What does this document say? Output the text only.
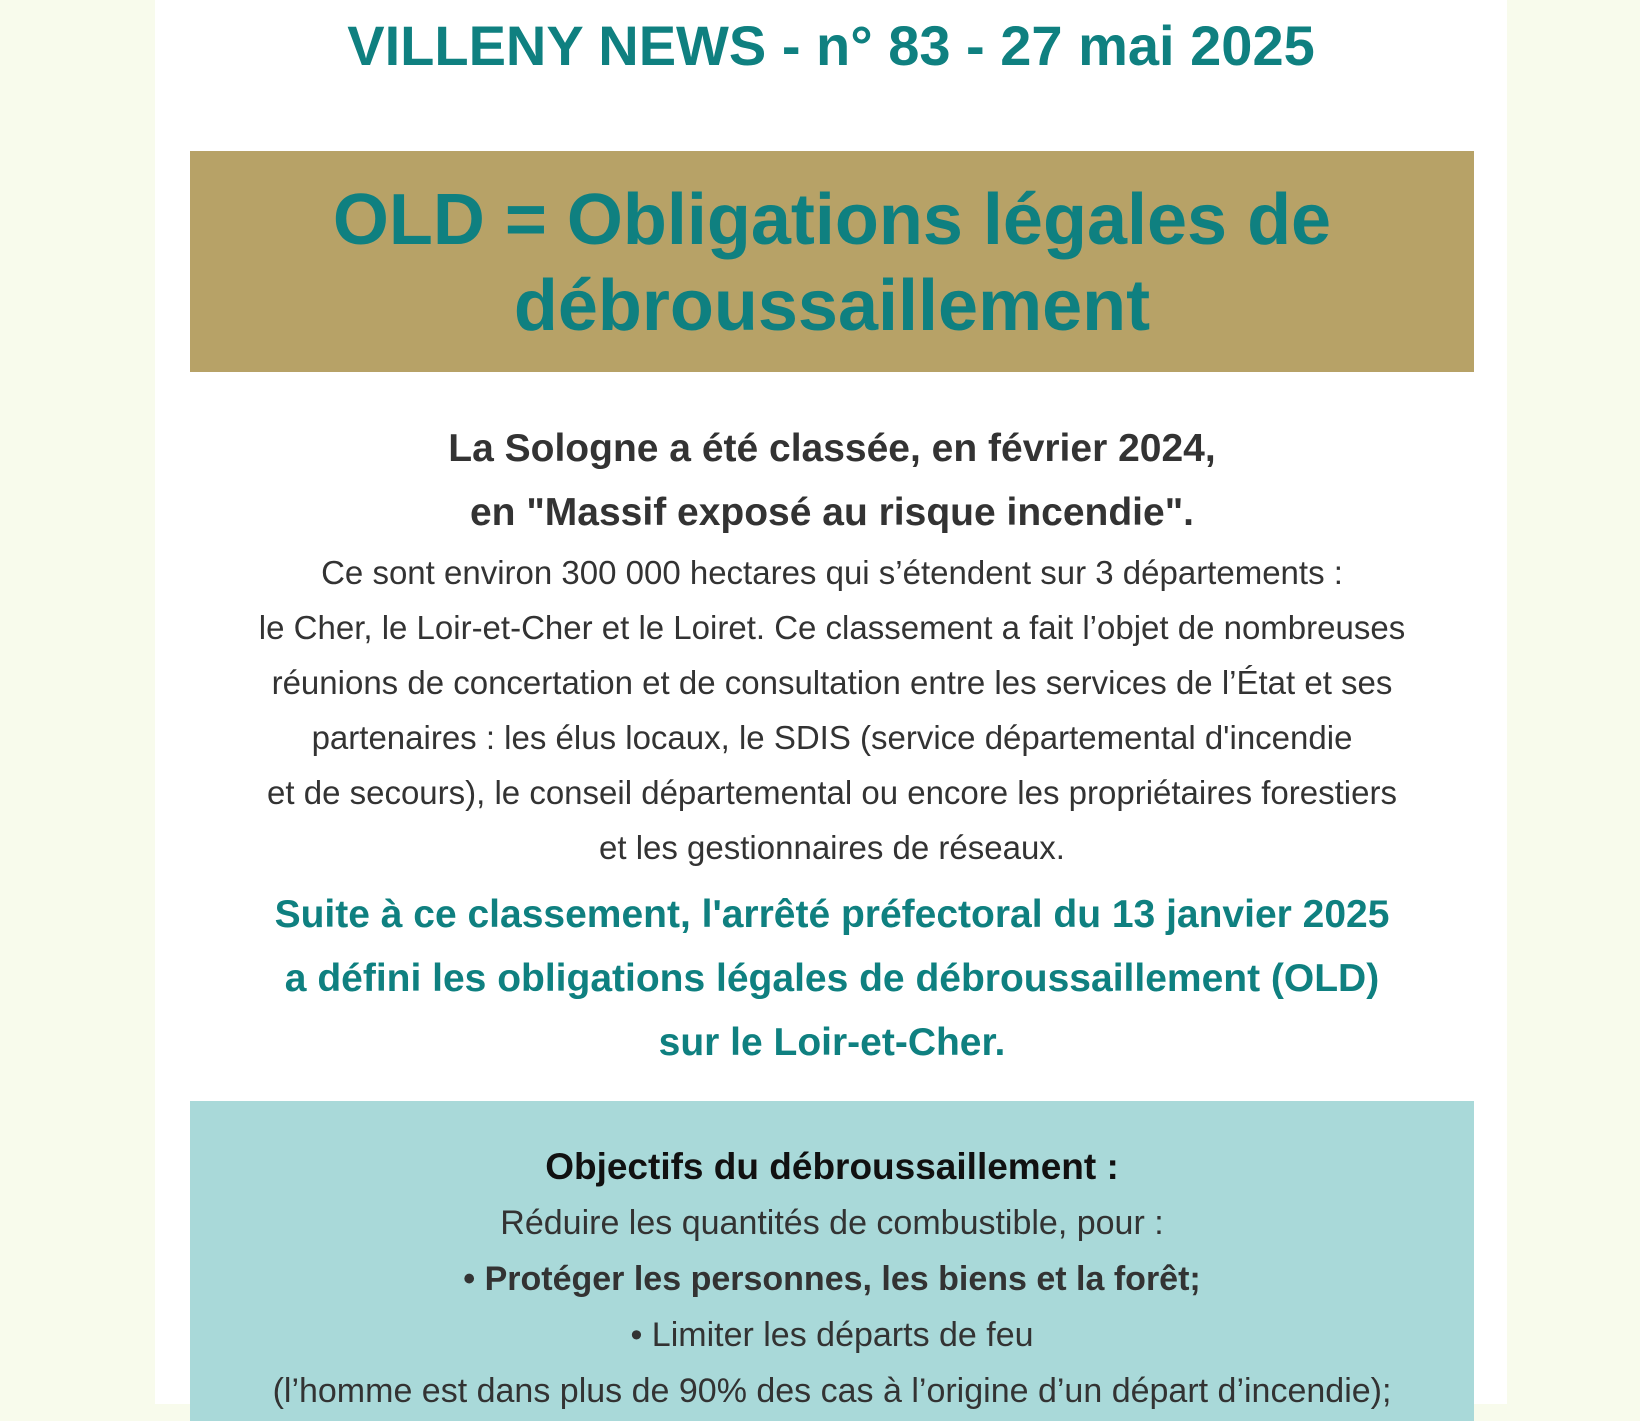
VILLENY NEWS - n° 83 - 27 mai 2025
OLD = Obligations légales de
débroussaillement
La Sologne a été classée, en février 2024,
en "Massif exposé au risque incendie".
Ce sont environ 300 000 hectares qui s’étendent sur 3 départements :
le Cher, le Loir-et-Cher et le Loiret. Ce classement a fait l’objet de nombreuses
réunions de concertation et de consultation entre les services de l’État et ses
partenaires : les élus locaux, le SDIS (service départemental d'incendie
et de secours), le conseil départemental ou encore les propriétaires forestiers
et les gestionnaires de réseaux.
Suite à ce classement, l'arrêté préfectoral du 13 janvier 2025
a défini les obligations légales de débroussaillement (OLD)
sur le Loir-et-Cher.
Objectifs du débroussaillement :
Réduire les quantités de combustible, pour :
• Protéger les personnes, les biens et la forêt;
• Limiter les départs de feu
(l’homme est dans plus de 90% des cas à l’origine d’un départ d’incendie);
